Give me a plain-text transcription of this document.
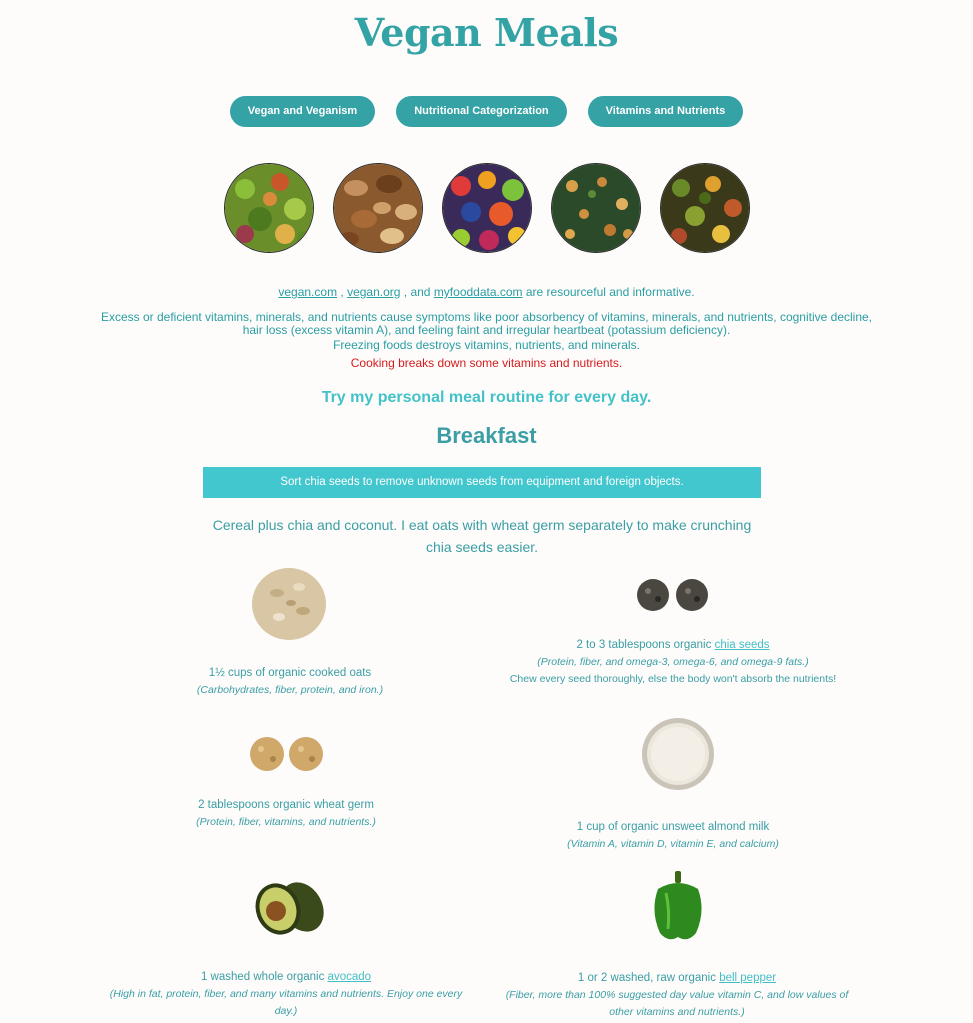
Vegan Meals
Vegan and Veganism	Nutritional Categorization	Vitamins and Nutrients
vegan.com , vegan.org , and myfooddata.com are resourceful and informative.
Excess or deficient vitamins, minerals, and nutrients cause symptoms like poor absorbency of vitamins, minerals, and nutrients, cognitive decline, hair loss (excess vitamin A), and feeling faint and irregular heartbeat (potassium deficiency).
Freezing foods destroys vitamins, nutrients, and minerals.
Cooking breaks down some vitamins and nutrients.
Try my personal meal routine for every day.
Breakfast
Sort chia seeds to remove unknown seeds from equipment and foreign objects.
Cereal plus chia and coconut. I eat oats with wheat germ separately to make crunching chia seeds easier.
1½ cups of organic cooked oats
(Carbohydrates, fiber, protein, and iron.)
2 to 3 tablespoons organic chia seeds
(Protein, fiber, and omega-3, omega-6, and omega-9 fats.)
Chew every seed thoroughly, else the body won't absorb the nutrients!
2 tablespoons organic wheat germ
(Protein, fiber, vitamins, and nutrients.)	1 cup of organic unsweet almond milk
(Vitamin A, vitamin D, vitamin E, and calcium)
1 washed whole organic avocado
(High in fat, protein, fiber, and many vitamins and nutrients. Enjoy one every day.)
1 or 2 washed, raw organic bell pepper
(Fiber, more than 100% suggested day value vitamin C, and low values of other vitamins and nutrients.)
